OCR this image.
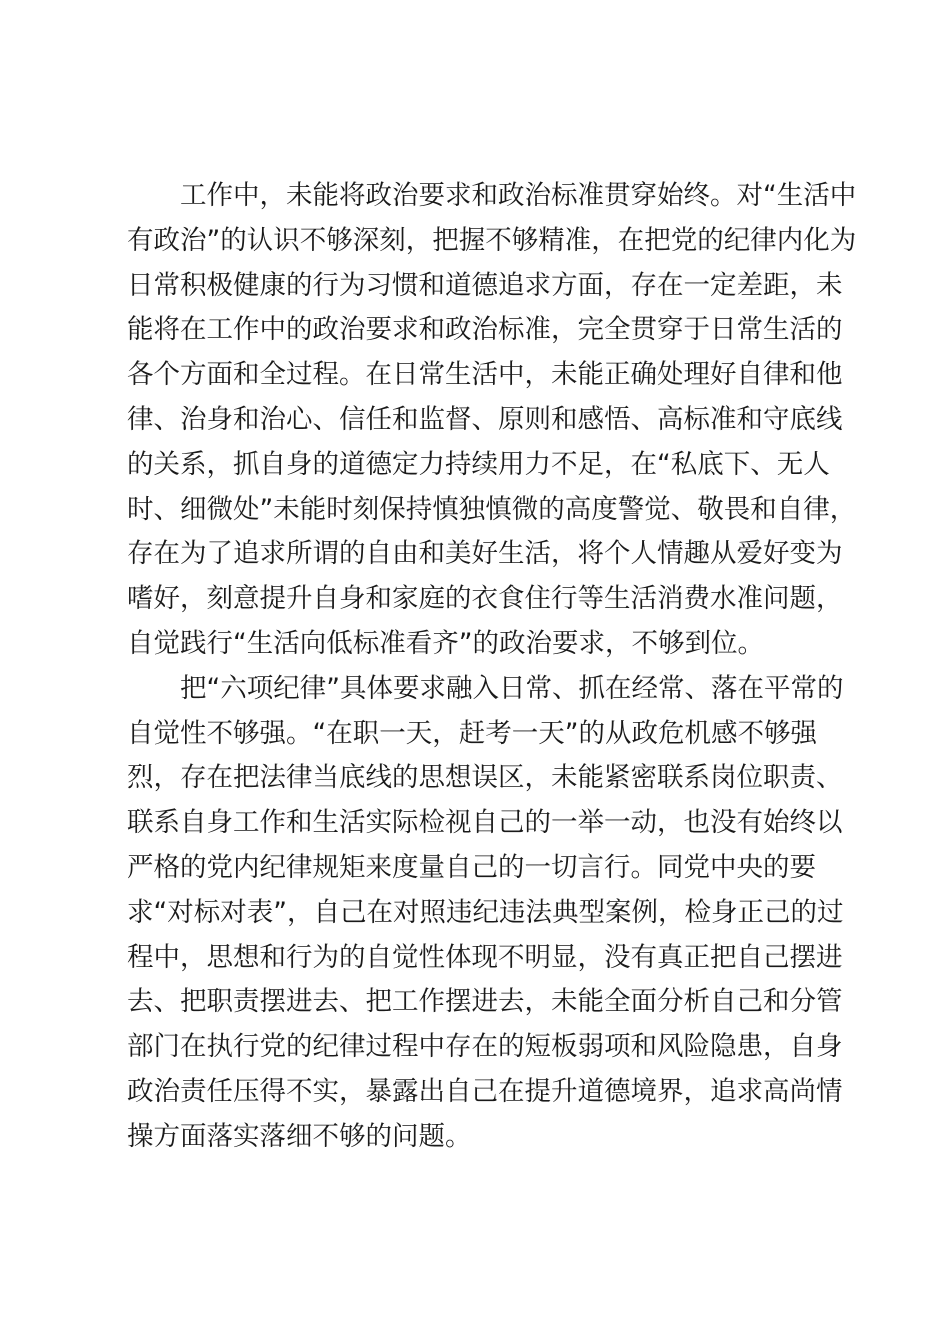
工作中，未能将政治要求和政治标准贯穿始终。对“生活中
有政治”的认识不够深刻，把握不够精准，在把党的纪律内化为
日常积极健康的行为习惯和道德追求方面，存在一定差距，未
能将在工作中的政治要求和政治标准，完全贯穿于日常生活的
各个方面和全过程。在日常生活中，未能正确处理好自律和他
律、治身和治心、信任和监督、原则和感悟、高标准和守底线
的关系，抓自身的道德定力持续用力不足，在“私底下、无人
时、细微处”未能时刻保持慎独慎微的高度警觉、敬畏和自律，
存在为了追求所谓的自由和美好生活，将个人情趣从爱好变为
嗜好，刻意提升自身和家庭的衣食住行等生活消费水准问题，
自觉践行“生活向低标准看齐”的政治要求，不够到位。
把“六项纪律”具体要求融入日常、抓在经常、落在平常的
自觉性不够强。“在职一天，赶考一天”的从政危机感不够强
烈，存在把法律当底线的思想误区，未能紧密联系岗位职责、
联系自身工作和生活实际检视自己的一举一动，也没有始终以
严格的党内纪律规矩来度量自己的一切言行。同党中央的要
求“对标对表”，自己在对照违纪违法典型案例，检身正己的过
程中，思想和行为的自觉性体现不明显，没有真正把自己摆进
去、把职责摆进去、把工作摆进去，未能全面分析自己和分管
部门在执行党的纪律过程中存在的短板弱项和风险隐患，自身
政治责任压得不实，暴露出自己在提升道德境界，追求高尚情
操方面落实落细不够的问题。
